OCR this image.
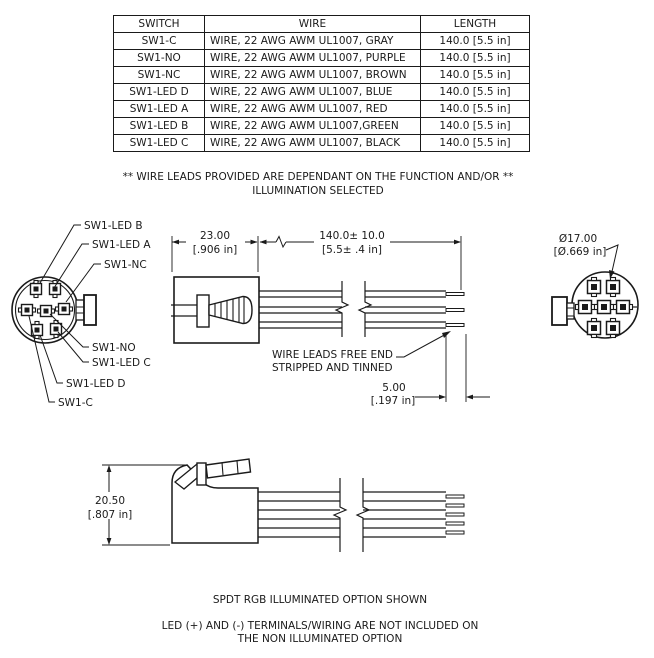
SWITCH	WIRE	LENGTH
SW1-C	WIRE, 22 AWG AWM UL1007, GRAY	140.0 [5.5 in]
SW1-NO	WIRE, 22 AWG AWM UL1007, PURPLE	140.0 [5.5 in]
SW1-NC	WIRE, 22 AWG AWM UL1007, BROWN	140.0 [5.5 in]
SW1-LED D	WIRE, 22 AWG AWM UL1007, BLUE	140.0 [5.5 in]
SW1-LED A	WIRE, 22 AWG AWM UL1007, RED	140.0 [5.5 in]
SW1-LED B	WIRE, 22 AWG AWM UL1007,GREEN	140.0 [5.5 in]
SW1-LED C	WIRE, 22 AWG AWM UL1007, BLACK	140.0 [5.5 in]
** WIRE LEADS PROVIDED ARE DEPENDANT ON THE FUNCTION AND/OR **
ILLUMINATION SELECTED
SPDT RGB ILLUMINATED OPTION SHOWN
LED (+) AND (-) TERMINALS/WIRING ARE NOT INCLUDED ON
THE NON ILLUMINATED OPTION
SW1-LED B
SW1-LED A
SW1-NC
SW1-NO
SW1-LED C
SW1-LED D
SW1-C
23.00
[.906 in]
140.0± 10.0
[5.5± .4 in]
5.00
[.197 in]
WIRE LEADS FREE END
STRIPPED AND TINNED
Ø17.00
[Ø.669 in]
20.50
[.807 in]
